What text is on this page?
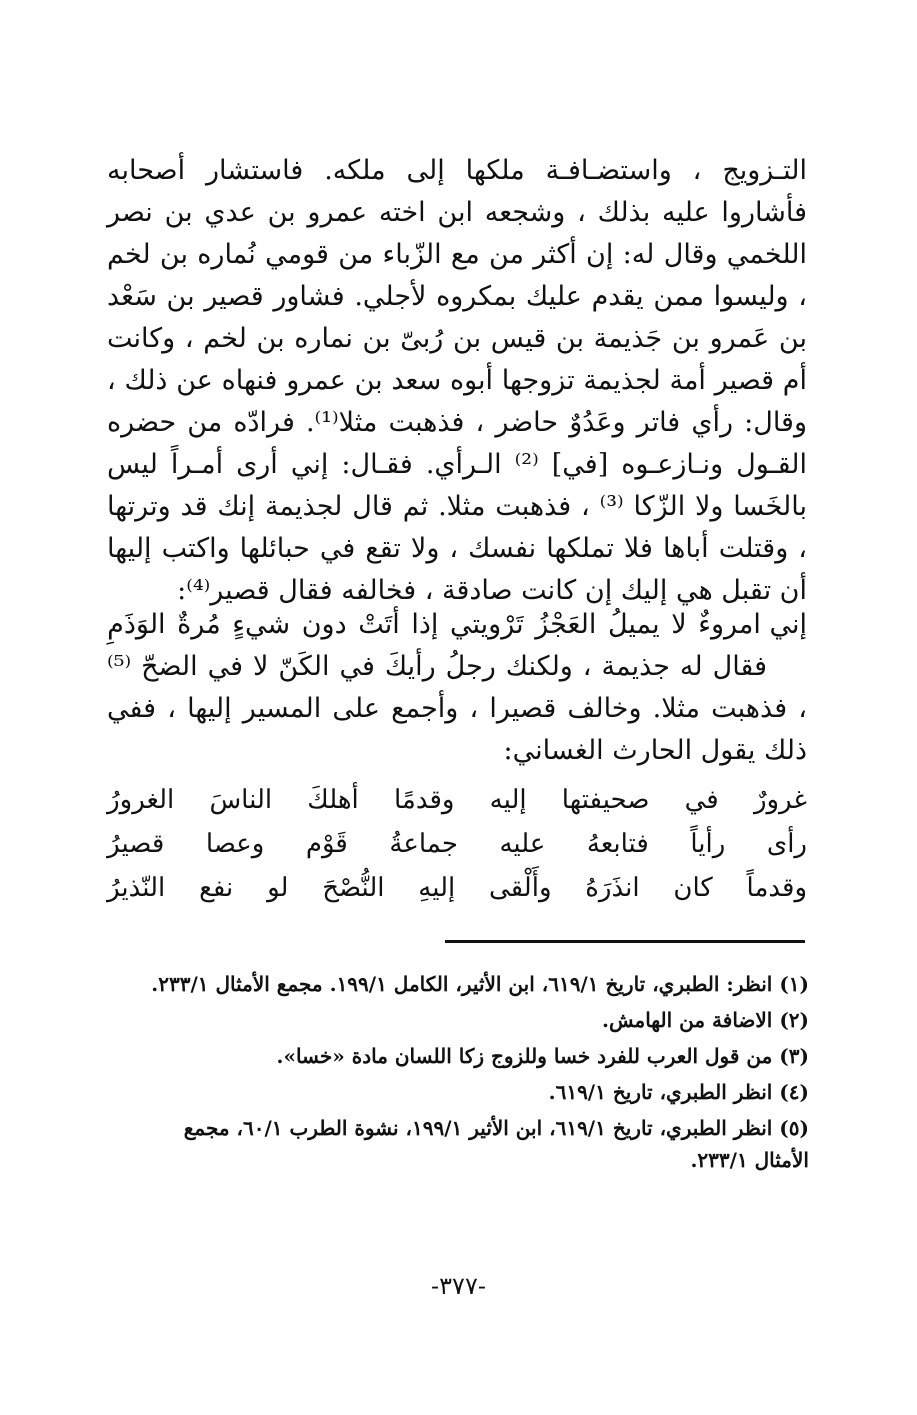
التـزويج ، واستضـافـة ملكها إلى ملكه. فاستشار أصحابه فأشاروا عليه بذلك ، وشجعه ابن اخته عمرو بن عدي بن نصر اللخمي وقال له: إن أكثر من مع الزّباء من قومي نُماره بن لخم ، وليسوا ممن يقدم عليك بمكروه لأجلي. فشاور قصير بن سَعْد بن عَمرو بن جَذيمة بن قيس بن رُبىّ بن نماره بن لخم ، وكانت أم قصير أمة لجذيمة تزوجها أبوه سعد بن عمرو فنهاه عن ذلك ، وقال: رأي فاتر وعَدُوٌ حاضر ، فذهبت مثلا⁽¹⁾. فرادّه من حضره القـول ونـازعـوه [في] ⁽²⁾ الـرأي. فقـال: إني أرى أمـراً ليس بالخَسا ولا الزّكا ⁽³⁾ ، فذهبت مثلا. ثم قال لجذيمة إنك قد وترتها ، وقتلت أباها فلا تملكها نفسك ، ولا تقع في حبائلها واكتب إليها أن تقبل هي إليك إن كانت صادقة ، فخالفه فقال قصير⁽⁴⁾:

إني امروءٌ
لا
يميلُ
العَجْزُ
تَرْويتي
إذا
أتَتْ
دون
شيءٍ
مُرةٌ
الوَذَمِ

فقال له جذيمة ، ولكنك رجلُ رأيكَ في الكَنّ لا في الضحّ ⁽⁵⁾ ، فذهبت مثلا. وخالف قصيرا ، وأجمع على المسير إليها ، ففي ذلك يقول الحارث الغساني:

غرورٌ
في
صحيفتها
إليه
وقدمًا
أهلكَ
الناسَ
الغرورُ
رأى
رأياً
فتابعهُ
عليه
جماعةُ
قَوْم
وعصا
قصيرُ
وقدماً
كان
انذَرَهُ
وأَلْقى
إليهِ
النُّصْحَ
لو
نفع
النّذيرُ

(١) انظر: الطبري، تاريخ ٦١٩/١، ابن الأثير، الكامل ١٩٩/١. مجمع الأمثال ٢٣٣/١.

(٢) الاضافة من الهامش.

(٣) من قول العرب للفرد خسا وللزوج زكا اللسان مادة «خسا».

(٤) انظر الطبري، تاريخ ٦١٩/١.

(٥) انظر الطبري، تاريخ ٦١٩/١، ابن الأثير ١٩٩/١، نشوة الطرب ٦٠/١، مجمع الأمثال ٢٣٣/١.

-٣٧٧-
